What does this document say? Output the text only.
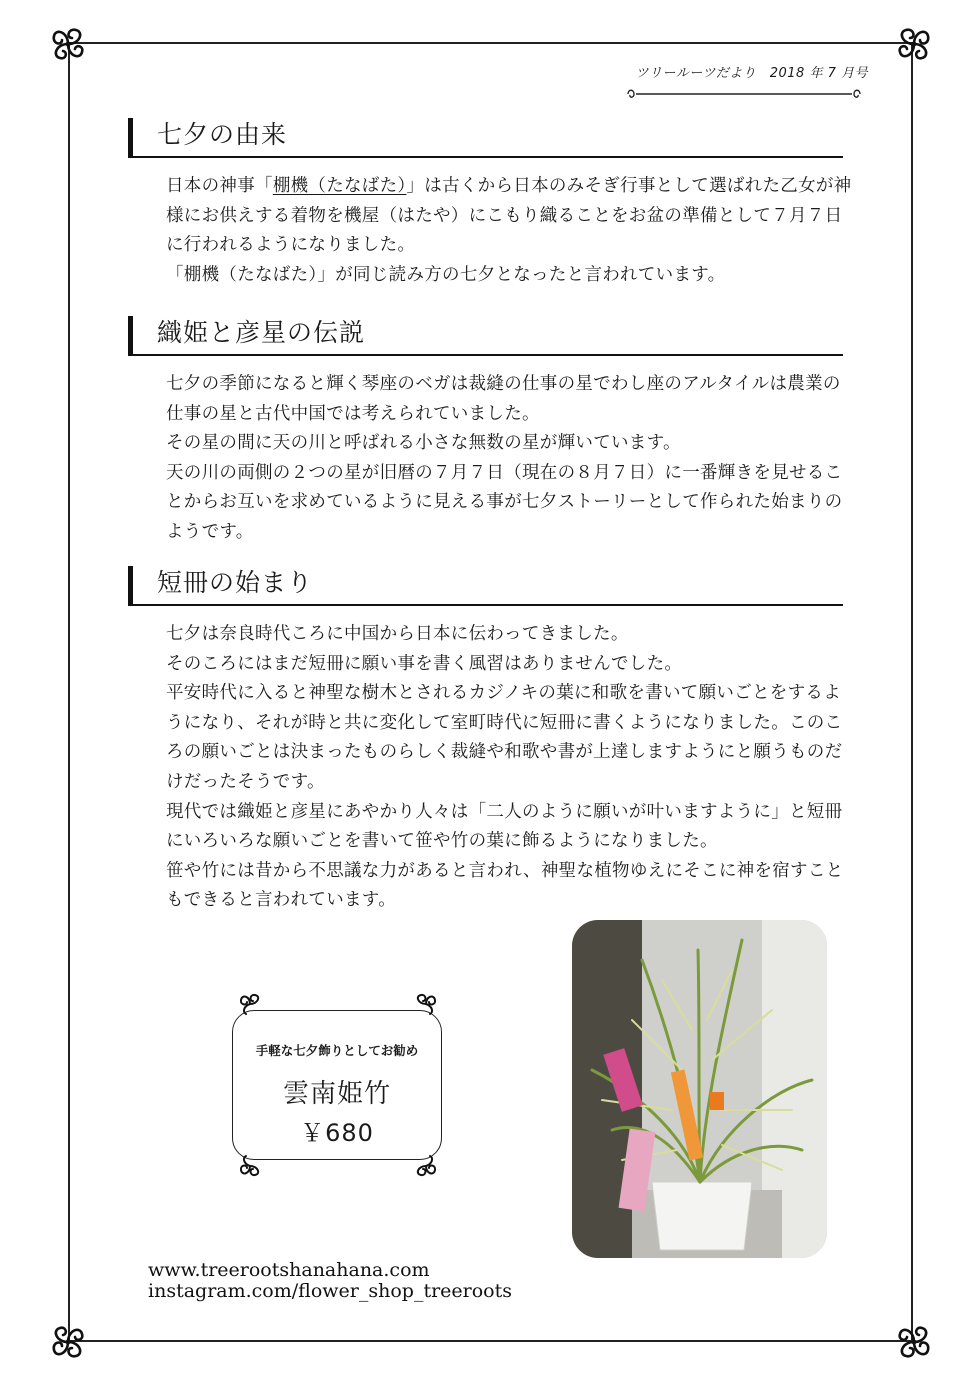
ツリールーツだより　2018 年 7 月号
七夕の由来

日本の神事「棚機（たなばた）」は古くから日本のみそぎ行事として選ばれた乙女が神様にお供えする着物を機屋（はたや）にこもり織ることをお盆の準備として７月７日に行われるようになりました。
「棚機（たなばた）」が同じ読み方の七夕となったと言われています。

織姫と彦星の伝説

七夕の季節になると輝く琴座のベガは裁縫の仕事の星でわし座のアルタイルは農業の仕事の星と古代中国では考えられていました。
その星の間に天の川と呼ばれる小さな無数の星が輝いています。
天の川の両側の２つの星が旧暦の７月７日（現在の８月７日）に一番輝きを見せることからお互いを求めているように見える事が七夕ストーリーとして作られた始まりのようです。

短冊の始まり

七夕は奈良時代ころに中国から日本に伝わってきました。
そのころにはまだ短冊に願い事を書く風習はありませんでした。
平安時代に入ると神聖な樹木とされるカジノキの葉に和歌を書いて願いごとをするようになり、それが時と共に変化して室町時代に短冊に書くようになりました。このころの願いごとは決まったものらしく裁縫や和歌や書が上達しますようにと願うものだけだったそうです。
現代では織姫と彦星にあやかり人々は「二人のように願いが叶いますように」と短冊にいろいろな願いごとを書いて笹や竹の葉に飾るようになりました。
笹や竹には昔から不思議な力があると言われ、神聖な植物ゆえにそこに神を宿すこともできると言われています。

手軽な七夕飾りとしてお勧め
雲南姫竹
￥680
www.treerootshanahana.com
instagram.com/flower_shop_treeroots
